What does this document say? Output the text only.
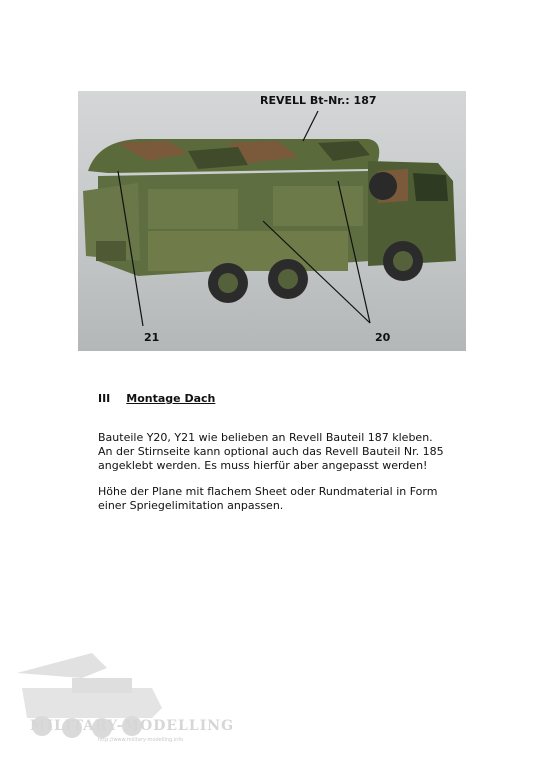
REVELL Bt-Nr.: 187
21	20
III Montage Dach
Bauteile Y20, Y21 wie belieben an Revell Bauteil 187 kleben.
An der Stirnseite kann optional auch das Revell Bauteil Nr. 185
angeklebt werden. Es muss hierfür aber angepasst werden!
Höhe der Plane mit flachem Sheet oder Rundmaterial in Form
einer Spriegelimitation anpassen.
MILITARY-MODELLING
http://www.military-modelling.info
